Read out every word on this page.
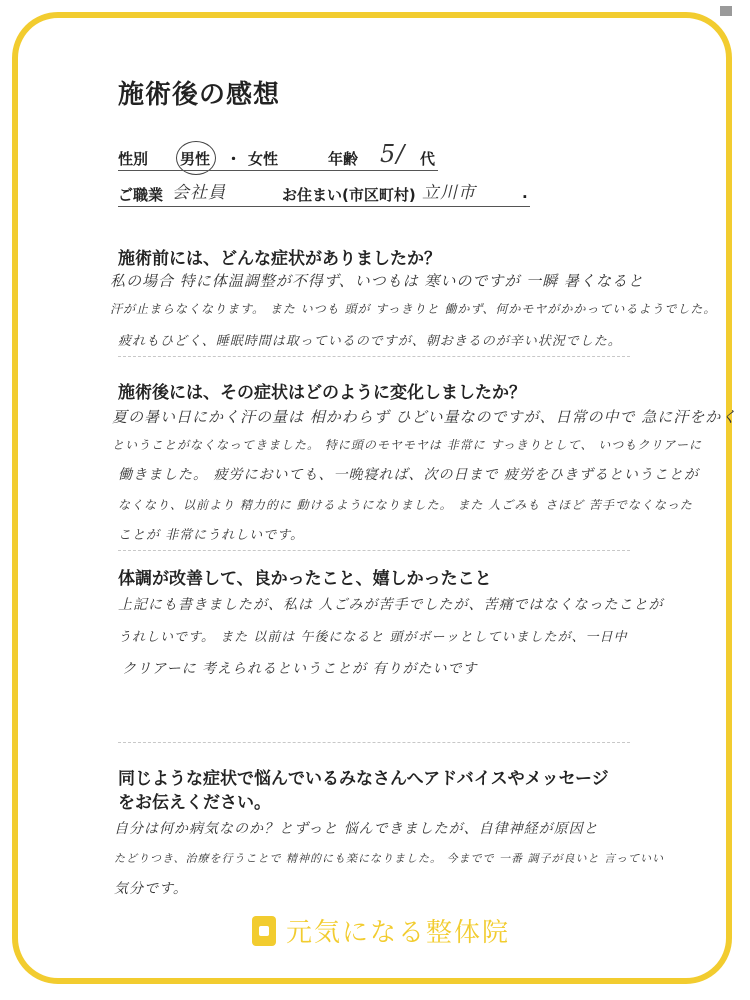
施術後の感想
性別 男性 ・ 女性	年齢 5/ 代
ご職業 会社員	お住まい(市区町村) 立川市	.
施術前には、どんな症状がありましたか？
私の場合 特に体温調整が不得ず、いつもは 寒いのですが 一瞬 暑くなると
汗が止まらなくなります。 また いつも 頭が すっきりと 働かず、何かモヤがかかっているようでした。
疲れもひどく、睡眠時間は取っているのですが、朝おきるのが辛い状況でした。
施術後には、その症状はどのように変化しましたか？
夏の暑い日にかく汗の量は 相かわらず ひどい量なのですが、日常の中で 急に汗をかく
ということがなくなってきました。 特に頭のモヤモヤは 非常に すっきりとして、 いつもクリアーに
働きました。 疲労においても、一晩寝れば、次の日まで 疲労をひきずるということが
なくなり、以前より 精力的に 動けるようになりました。 また 人ごみも さほど 苦手でなくなった
ことが 非常にうれしいです。
体調が改善して、良かったこと、嬉しかったこと
上記にも書きましたが、私は 人ごみが苦手でしたが、苦痛ではなくなったことが
うれしいです。 また 以前は 午後になると 頭がボーッとしていましたが、一日中
クリアーに 考えられるということが 有りがたいです
同じような症状で悩んでいるみなさんへアドバイスやメッセージ
をお伝えください。
自分は何か病気なのか？とずっと 悩んできましたが、自律神経が原因と
たどりつき、治療を行うことで 精神的にも楽になりました。 今までで 一番 調子が良いと 言っていい
気分です。
元気になる整体院
